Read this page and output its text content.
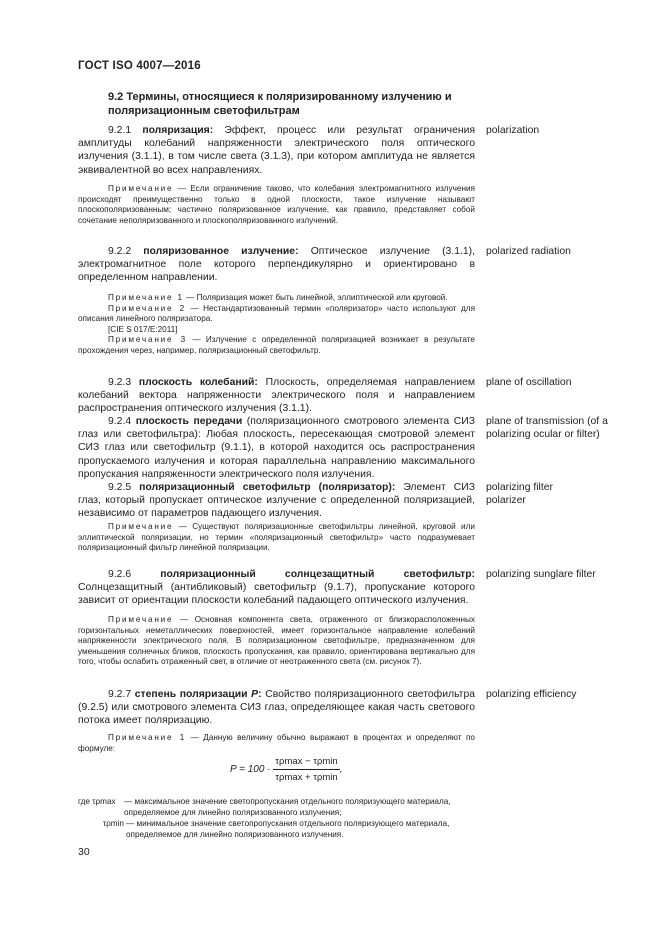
ГОСТ ISO 4007—2016
9.2 Термины, относящиеся к поляризированному излучению и поляризационным светофильтрам

9.2.1 поляризация: Эффект, процесс или результат ограничения амплитуды колебаний напряженности электрического поля оптического излучения (3.1.1), в том числе света (3.1.3), при котором амплитуда не является эквивалентной во всех направлениях.

polarization

Примечание — Если ограничение таково, что колебания электромагнитного излучения происходят преимущественно только в одной плоскости, такое излучение называют плоскополяризованным; частично поляризованное излучение, как правило, представляет собой сочетание неполяризованного и плоскополяризованного излучений.

9.2.2 поляризованное излучение: Оптическое излучение (3.1.1), электромагнитное поле которого перпендикулярно и ориентировано в определенном направлении.

polarized radiation

Примечание 1 — Поляризация может быть линейной, эллиптической или круговой.

Примечание 2 — Нестандартизованный термин «поляризатор» часто используют для описания линейного поляризатора.

[CIE S 017/E:2011]

Примечание 3 — Излучение с определенной поляризацией возникает в результате прохождения через, например, поляризационный светофильтр.

9.2.3 плоскость колебаний: Плоскость, определяемая направлением колебаний вектора напряженности электрического поля и направлением распространения оптического излучения (3.1.1).

plane of oscillation

9.2.4 плоскость передачи (поляризационного смотрового элемента СИЗ глаз или светофильтра): Любая плоскость, пересекающая смотровой элемент СИЗ глаз или светофильтр (9.1.1), в которой находится ось распространения пропускаемого излучения и которая параллельна направлению максимального пропускания напряженности электрического поля излучения.

plane of transmission (of a polarizing ocular or filter)

9.2.5 поляризационный светофильтр (поляризатор): Элемент СИЗ глаз, который пропускает оптическое излучение с определенной поляризацией, независимо от параметров падающего излучения.

polarizing filter
polarizer

Примечание — Существуют поляризационные светофильтры линейной, круговой или эллиптической поляризации, но термин «поляризационный светофильтр» часто подразумевает поляризационный фильтр линейной поляризации.

9.2.6	поляризационный солнцезащитный светофильтр: Солнцезащитный (антибликовый) светофильтр (9.1.7), пропускание которого зависит от ориентации плоскости колебаний падающего оптического излучения.

polarizing sunglare filter

Примечание — Основная компонента света, отраженного от близкорасположенных горизонтальных неметаллических поверхностей, имеет горизонтальное направление колебаний напряженности электрического поля. В поляризационном светофильтре, предназначенном для уменьшения солнечных бликов, плоскость пропускания, как правило, ориентирована вертикально для того, чтобы ослабить отраженный свет, в отличие от неотраженного света (см. рисунок 7).

9.2.7 степень поляризации P: Свойство поляризационного светофильтра (9.2.5) или смотрового элемента СИЗ глаз, определяющее какая часть светового потока имеет поляризацию.

polarizing efficiency

Примечание 1 — Данную величину обычно выражают в процентах и определяют по формуле:

$P = 100 \cdot \frac{\tau\rho\max - \tau\rho\min}{\tau\rho\max + \tau\rho\min}$ ,
где τρmax	— максимальное значение светопропускания отдельного поляризующего материала, определяемое для линейно поляризованного излучения;
τρmin — минимальное значение светопропускания отдельного поляризующего материала, определяемое для линейно поляризованного излучения.
30
